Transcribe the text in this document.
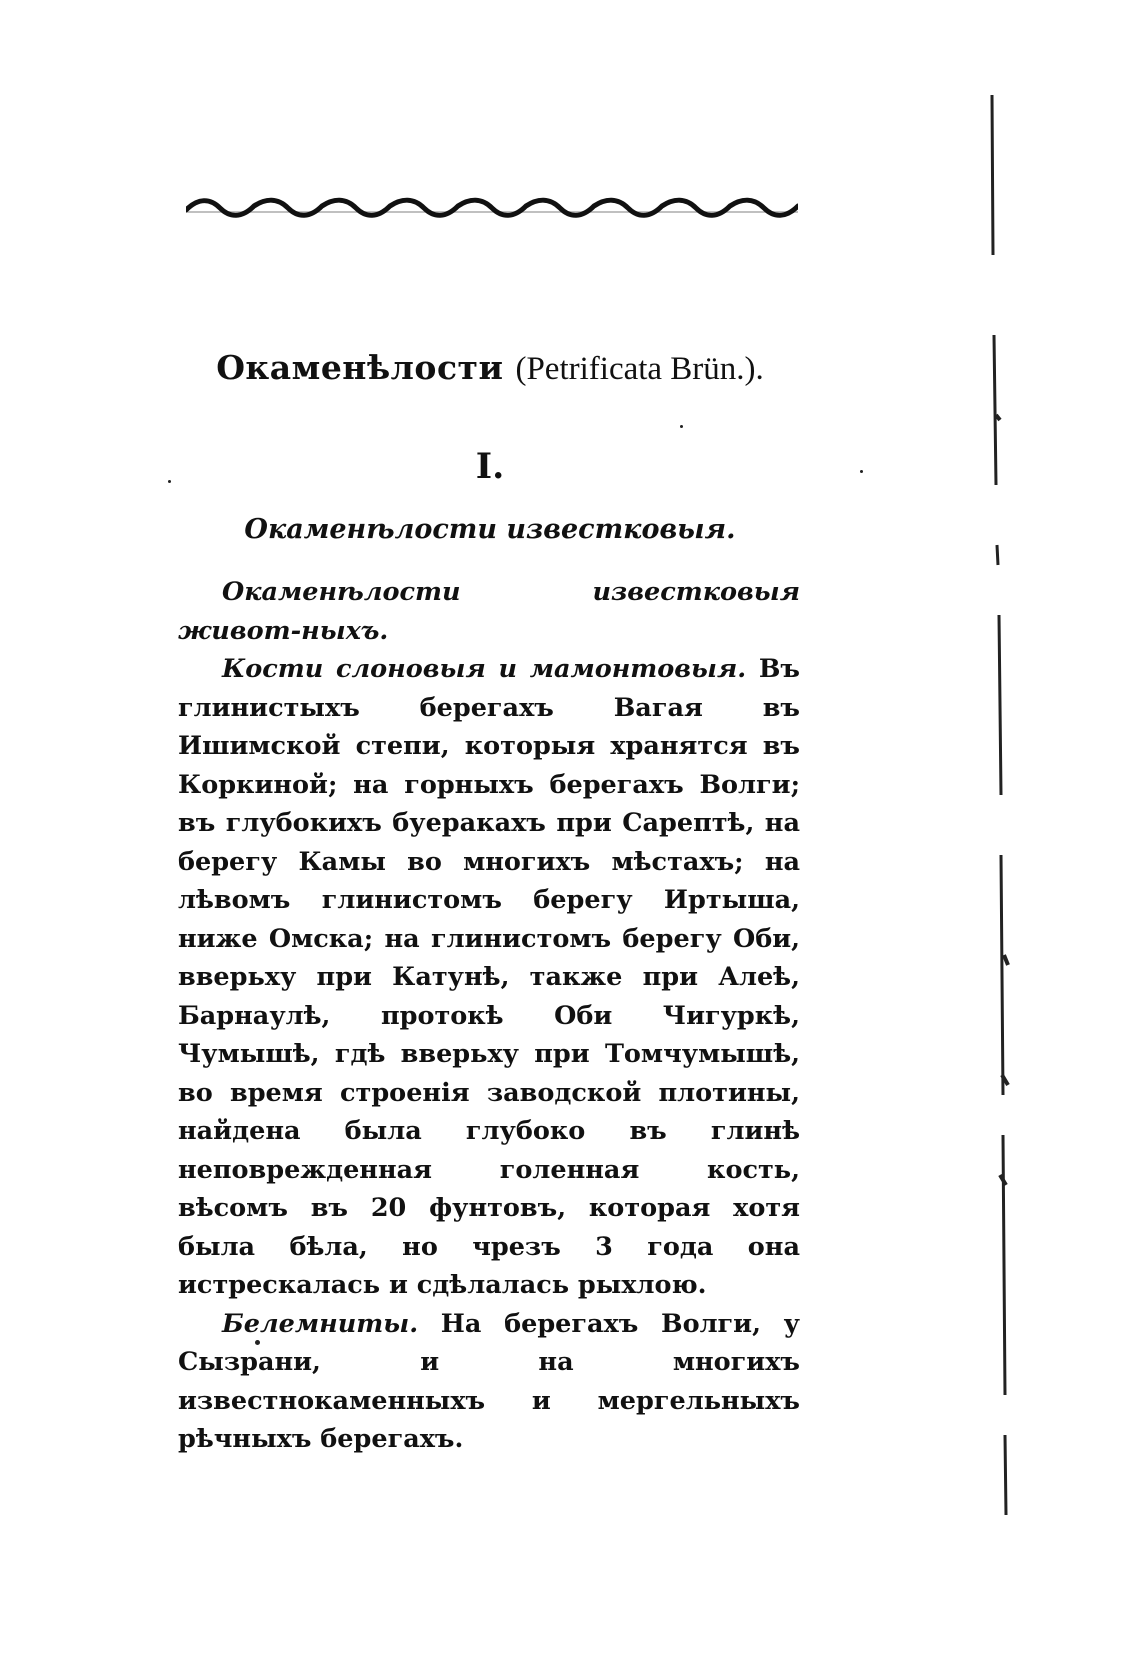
Окаменѣлости (Petrificata Brün.).
I.
Окаменѣлости известковыя.

Окаменѣлости известковыя живот-ныхъ.

Кости слоновыя и мамонтовыя. Въ глинистыхъ берегахъ Вагая въ Ишимской степи, которыя хранятся въ Коркиной; на горныхъ берегахъ Волги; въ глубокихъ буеракахъ при Сарептѣ, на берегу Камы во многихъ мѣстахъ; на лѣвомъ глинистомъ берегу Иртыша, ниже Омска; на глинистомъ берегу Оби, вверьху при Катунѣ, также при Алеѣ, Барнаулѣ, протокѣ Оби Чигуркѣ, Чумышѣ, гдѣ вверьху при Томчумышѣ, во время строенія заводской плотины, найдена была глубоко въ глинѣ неповрежденная голенная кость, вѣсомъ въ 20 фунтовъ, которая хотя была бѣла, но чрезъ 3 года она истрескалась и сдѣлалась рыхлою.

Белемниты. На берегахъ Волги, у Сызрани, и на многихъ известнокаменныхъ и мергельныхъ рѣчныхъ берегахъ.
